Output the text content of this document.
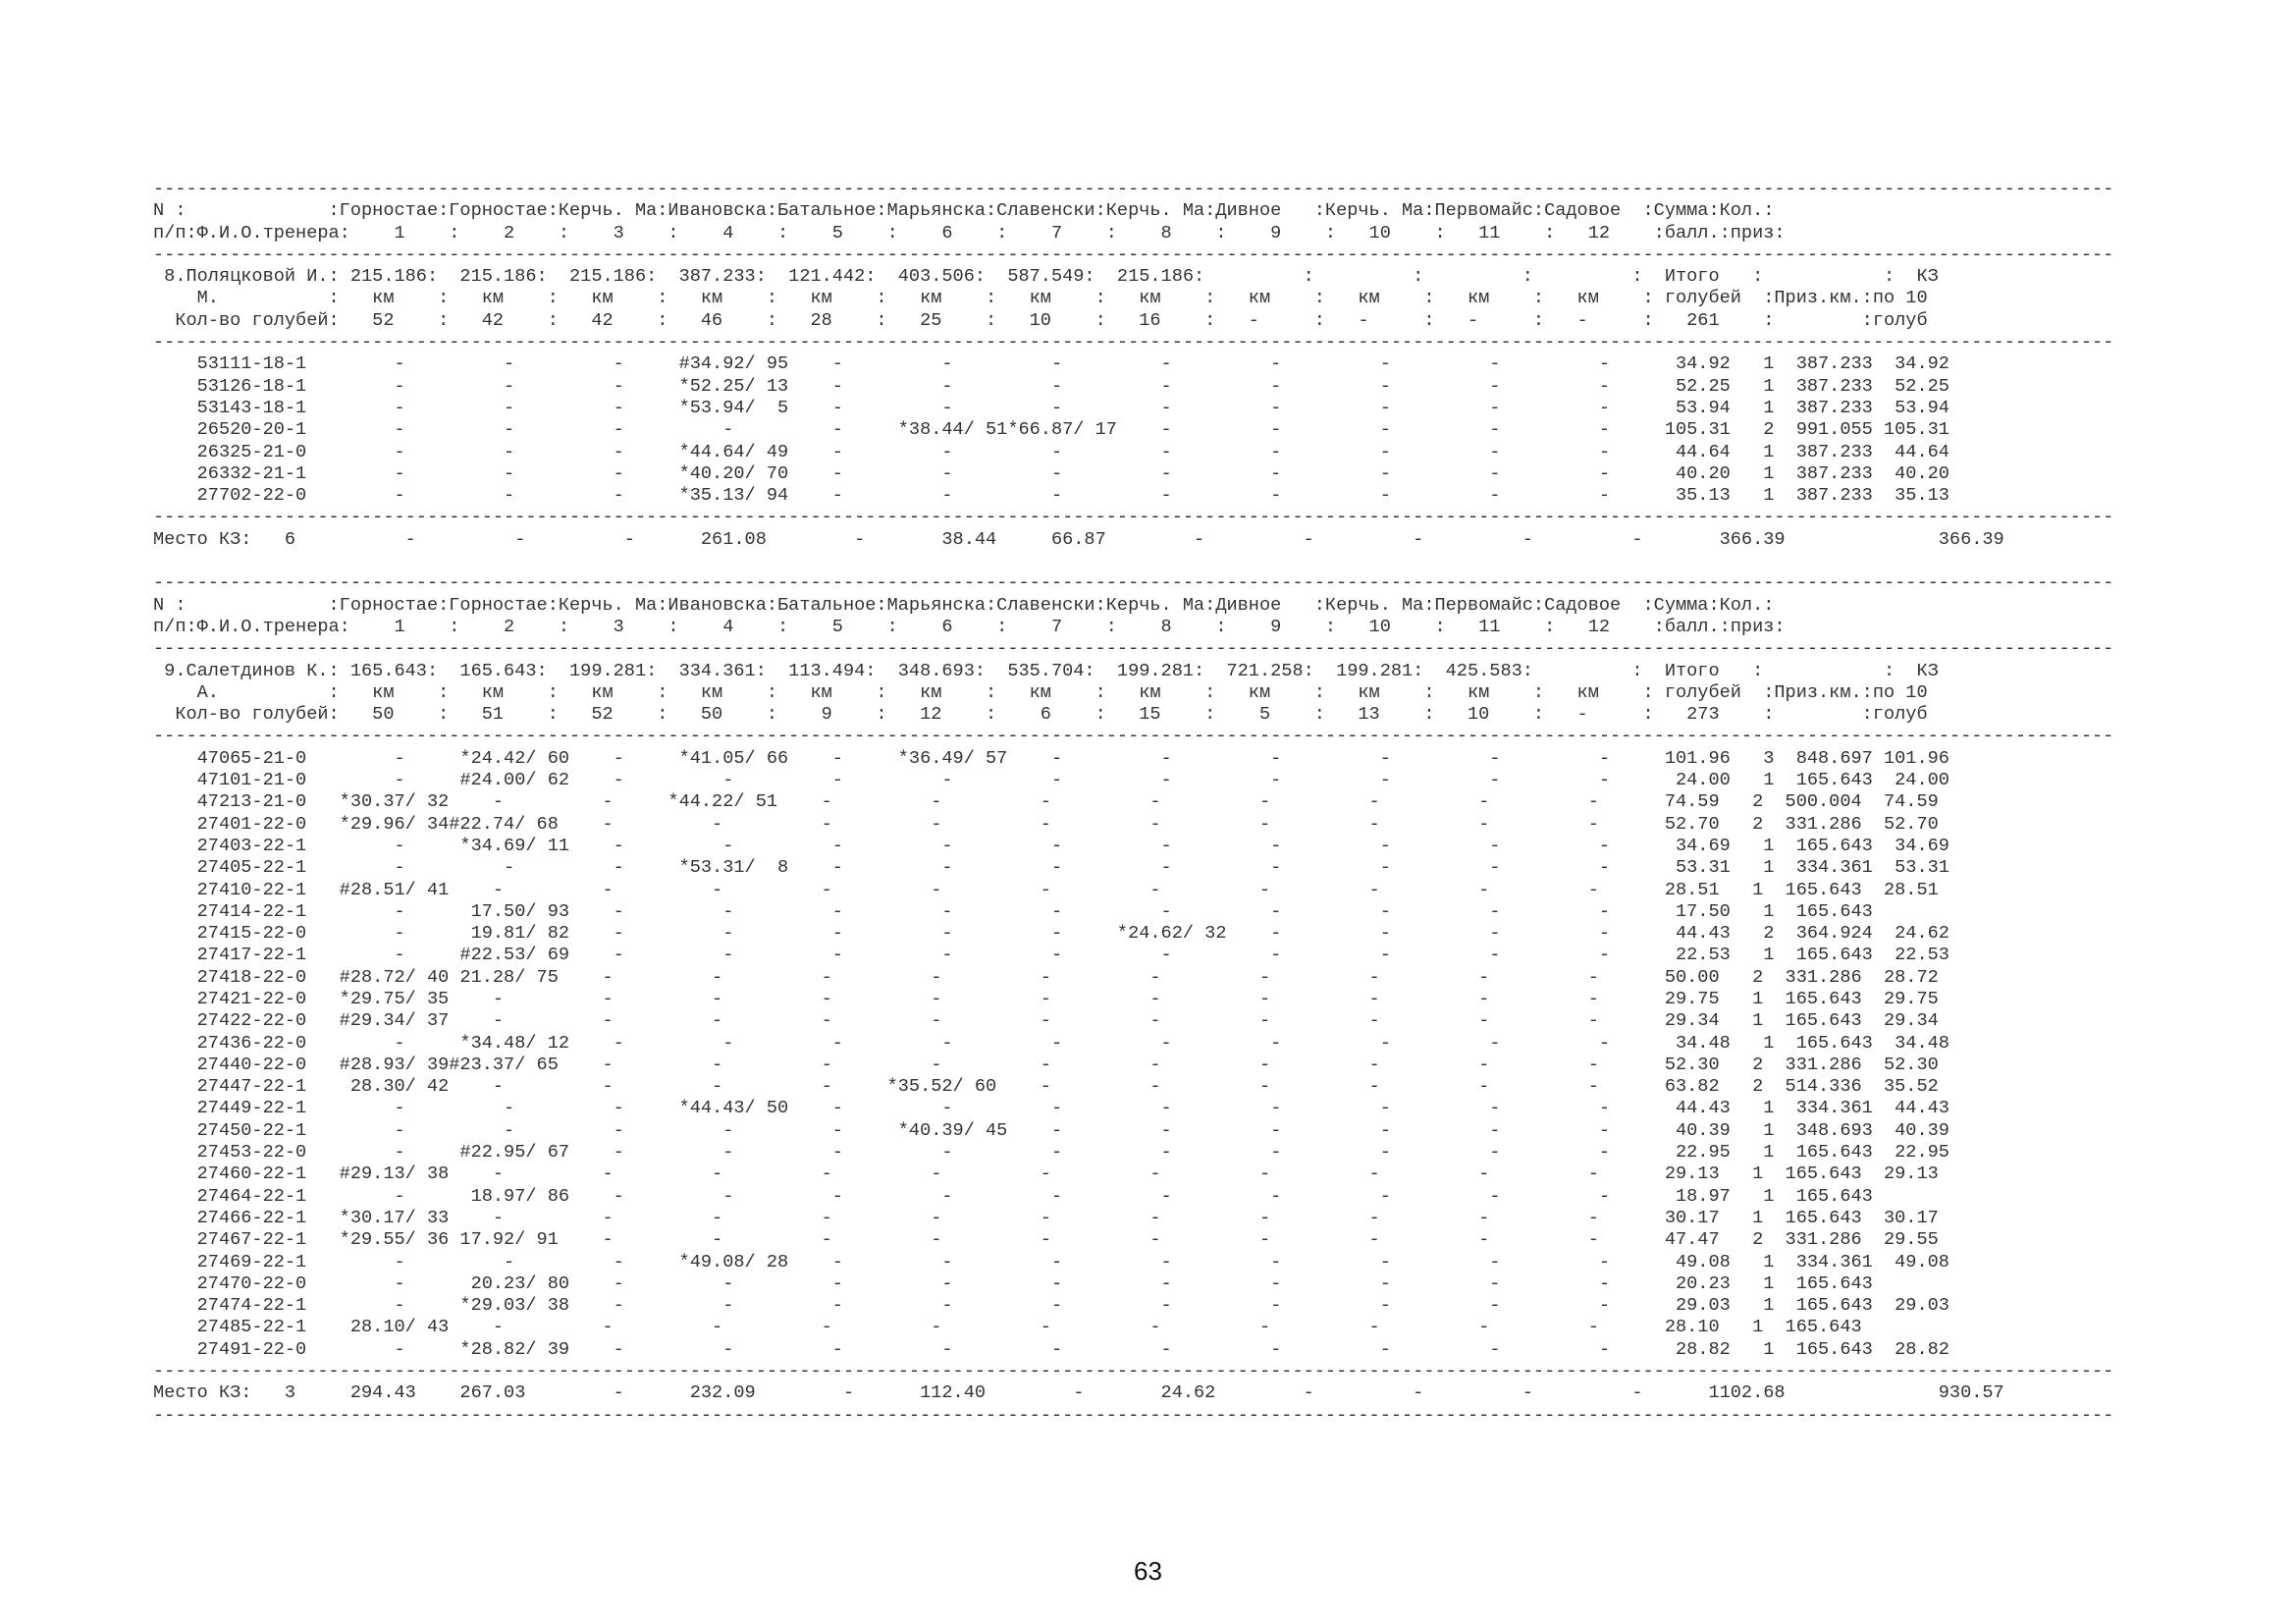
-----------------------------------------------------------------------------------------------------------------------------------------------------------------------------------
N :             :Горностае:Горностае:Керчь. Ма:Ивановска:Батальное:Марьянска:Славенски:Керчь. Ма:Дивное   :Керчь. Ма:Первомайс:Садовое  :Сумма:Кол.:
п/п:Ф.И.О.тренера:    1    :    2    :    3    :    4    :    5    :    6    :    7    :    8    :    9    :   10    :   11    :   12    :балл.:приз:
-----------------------------------------------------------------------------------------------------------------------------------------------------------------------------------
8.Поляцковой И.: 215.186:  215.186:  215.186:  387.233:  121.442:  403.506:  587.549:  215.186:         :         :         :         :  Итого   :           :  КЗ
М.          :   км    :   км    :   км    :   км    :   км    :   км    :   км    :   км    :   км    :   км    :   км    :   км    : голубей  :Приз.км.:по 10
Кол-во голубей:   52    :   42    :   42    :   46    :   28    :   25    :   10    :   16    :   -     :   -     :   -     :   -     :   261    :        :голуб
-----------------------------------------------------------------------------------------------------------------------------------------------------------------------------------
53111-18-1        -         -         -     #34.92/ 95    -         -         -         -         -         -         -         -      34.92   1  387.233  34.92
53126-18-1        -         -         -     *52.25/ 13    -         -         -         -         -         -         -         -      52.25   1  387.233  52.25
53143-18-1        -         -         -     *53.94/  5    -         -         -         -         -         -         -         -      53.94   1  387.233  53.94
26520-20-1        -         -         -         -         -     *38.44/ 51*66.87/ 17    -         -         -         -         -     105.31   2  991.055 105.31
26325-21-0        -         -         -     *44.64/ 49    -         -         -         -         -         -         -         -      44.64   1  387.233  44.64
26332-21-1        -         -         -     *40.20/ 70    -         -         -         -         -         -         -         -      40.20   1  387.233  40.20
27702-22-0        -         -         -     *35.13/ 94    -         -         -         -         -         -         -         -      35.13   1  387.233  35.13
-----------------------------------------------------------------------------------------------------------------------------------------------------------------------------------
Место КЗ:   6          -         -         -      261.08        -       38.44     66.87        -         -         -         -         -       366.39              366.39
-----------------------------------------------------------------------------------------------------------------------------------------------------------------------------------
N :             :Горностае:Горностае:Керчь. Ма:Ивановска:Батальное:Марьянска:Славенски:Керчь. Ма:Дивное   :Керчь. Ма:Первомайс:Садовое  :Сумма:Кол.:
п/п:Ф.И.О.тренера:    1    :    2    :    3    :    4    :    5    :    6    :    7    :    8    :    9    :   10    :   11    :   12    :балл.:приз:
-----------------------------------------------------------------------------------------------------------------------------------------------------------------------------------
9.Салетдинов К.: 165.643:  165.643:  199.281:  334.361:  113.494:  348.693:  535.704:  199.281:  721.258:  199.281:  425.583:         :  Итого   :           :  КЗ
А.          :   км    :   км    :   км    :   км    :   км    :   км    :   км    :   км    :   км    :   км    :   км    :   км    : голубей  :Приз.км.:по 10
Кол-во голубей:   50    :   51    :   52    :   50    :    9    :   12    :    6    :   15    :    5    :   13    :   10    :   -     :   273    :        :голуб
-----------------------------------------------------------------------------------------------------------------------------------------------------------------------------------
47065-21-0        -     *24.42/ 60    -     *41.05/ 66    -     *36.49/ 57    -         -         -         -         -         -     101.96   3  848.697 101.96
47101-21-0        -     #24.00/ 62    -         -         -         -         -         -         -         -         -         -      24.00   1  165.643  24.00
47213-21-0   *30.37/ 32    -         -     *44.22/ 51    -         -         -         -         -         -         -         -      74.59   2  500.004  74.59
27401-22-0   *29.96/ 34#22.74/ 68    -         -         -         -         -         -         -         -         -         -      52.70   2  331.286  52.70
27403-22-1        -     *34.69/ 11    -         -         -         -         -         -         -         -         -         -      34.69   1  165.643  34.69
27405-22-1        -         -         -     *53.31/  8    -         -         -         -         -         -         -         -      53.31   1  334.361  53.31
27410-22-1   #28.51/ 41    -         -         -         -         -         -         -         -         -         -         -      28.51   1  165.643  28.51
27414-22-1        -      17.50/ 93    -         -         -         -         -         -         -         -         -         -      17.50   1  165.643
27415-22-0        -      19.81/ 82    -         -         -         -         -     *24.62/ 32    -         -         -         -      44.43   2  364.924  24.62
27417-22-1        -     #22.53/ 69    -         -         -         -         -         -         -         -         -         -      22.53   1  165.643  22.53
27418-22-0   #28.72/ 40 21.28/ 75    -         -         -         -         -         -         -         -         -         -      50.00   2  331.286  28.72
27421-22-0   *29.75/ 35    -         -         -         -         -         -         -         -         -         -         -      29.75   1  165.643  29.75
27422-22-0   #29.34/ 37    -         -         -         -         -         -         -         -         -         -         -      29.34   1  165.643  29.34
27436-22-0        -     *34.48/ 12    -         -         -         -         -         -         -         -         -         -      34.48   1  165.643  34.48
27440-22-0   #28.93/ 39#23.37/ 65    -         -         -         -         -         -         -         -         -         -      52.30   2  331.286  52.30
27447-22-1    28.30/ 42    -         -         -         -     *35.52/ 60    -         -         -         -         -         -      63.82   2  514.336  35.52
27449-22-1        -         -         -     *44.43/ 50    -         -         -         -         -         -         -         -      44.43   1  334.361  44.43
27450-22-1        -         -         -         -         -     *40.39/ 45    -         -         -         -         -         -      40.39   1  348.693  40.39
27453-22-0        -     #22.95/ 67    -         -         -         -         -         -         -         -         -         -      22.95   1  165.643  22.95
27460-22-1   #29.13/ 38    -         -         -         -         -         -         -         -         -         -         -      29.13   1  165.643  29.13
27464-22-1        -      18.97/ 86    -         -         -         -         -         -         -         -         -         -      18.97   1  165.643
27466-22-1   *30.17/ 33    -         -         -         -         -         -         -         -         -         -         -      30.17   1  165.643  30.17
27467-22-1   *29.55/ 36 17.92/ 91    -         -         -         -         -         -         -         -         -         -      47.47   2  331.286  29.55
27469-22-1        -         -         -     *49.08/ 28    -         -         -         -         -         -         -         -      49.08   1  334.361  49.08
27470-22-0        -      20.23/ 80    -         -         -         -         -         -         -         -         -         -      20.23   1  165.643
27474-22-1        -     *29.03/ 38    -         -         -         -         -         -         -         -         -         -      29.03   1  165.643  29.03
27485-22-1    28.10/ 43    -         -         -         -         -         -         -         -         -         -         -      28.10   1  165.643
27491-22-0        -     *28.82/ 39    -         -         -         -         -         -         -         -         -         -      28.82   1  165.643  28.82
-----------------------------------------------------------------------------------------------------------------------------------------------------------------------------------
Место КЗ:   3     294.43    267.03        -      232.09        -      112.40        -       24.62        -         -         -         -      1102.68              930.57
-----------------------------------------------------------------------------------------------------------------------------------------------------------------------------------
63
